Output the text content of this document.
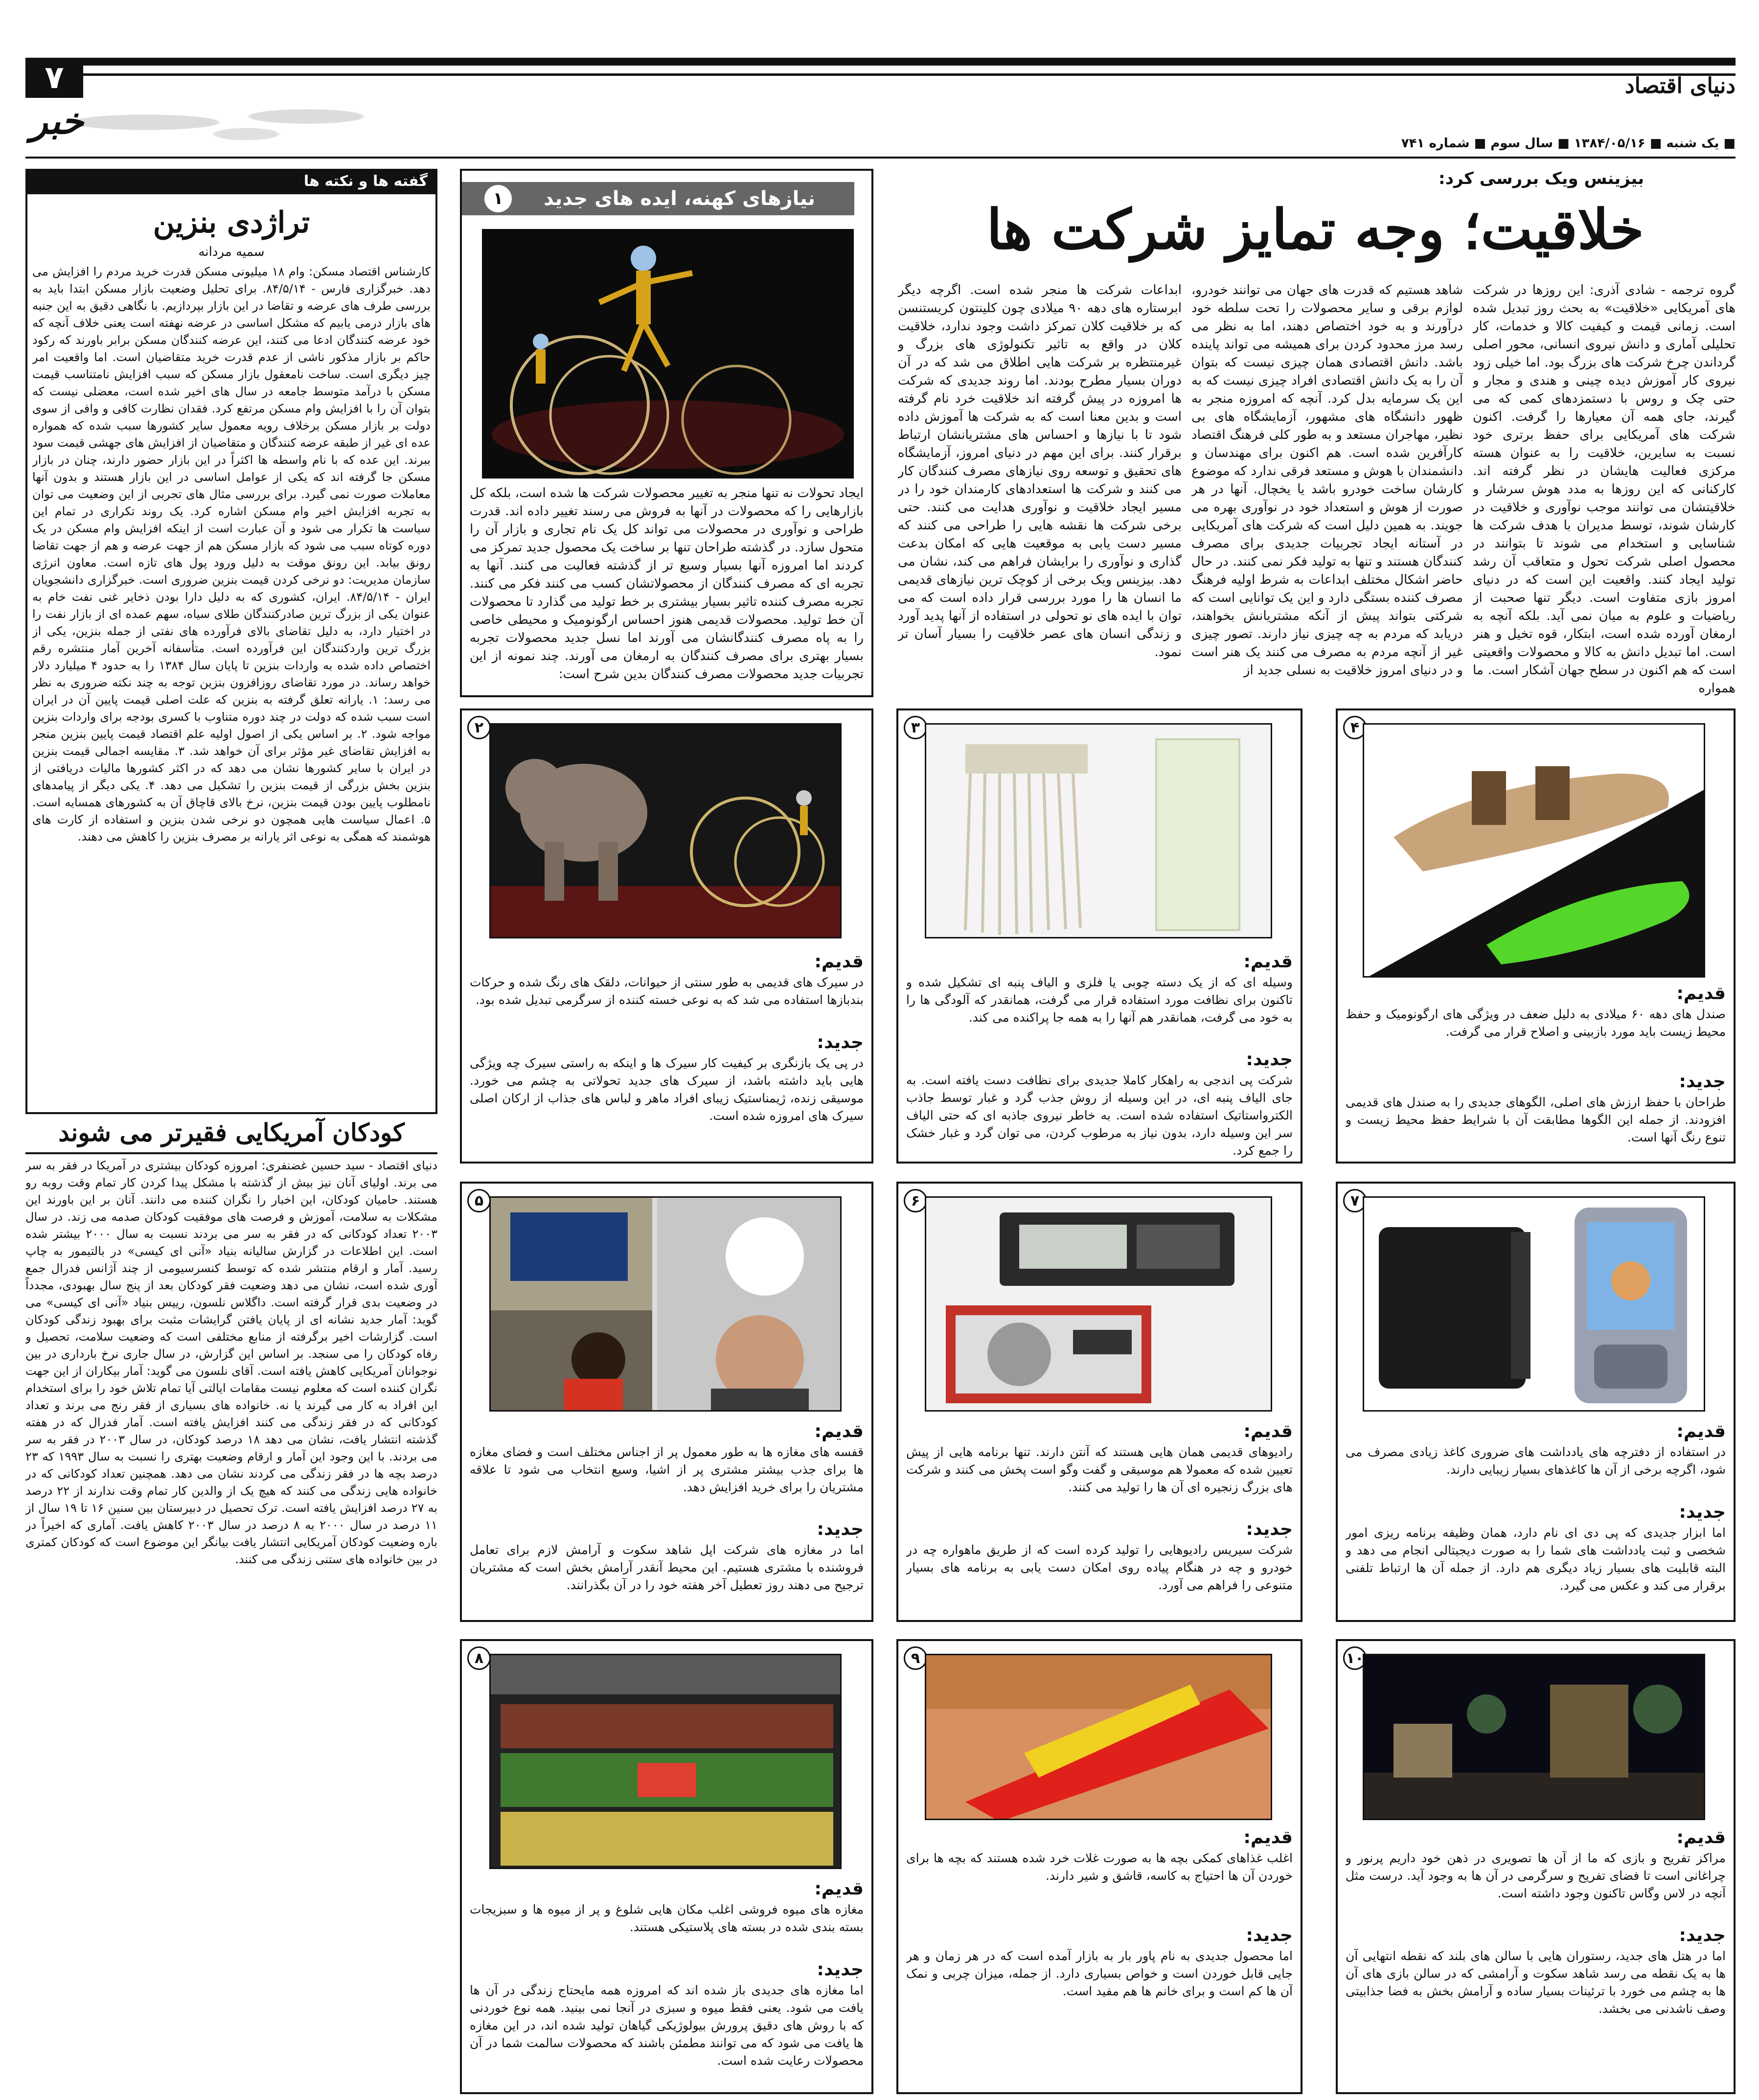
۷	دنیای اقتصاد
خبر
■ یک شنبه ■ ۱۳۸۴/۰۵/۱۶ ■ سال سوم ■ شماره ۷۴۱
گفته ها و نکته ها
تراژدی بنزین
سمیه مردانه
کارشناس اقتصاد مسکن: وام ۱۸ میلیونی مسکن قدرت خرید مردم را افزایش می دهد. خبرگزاری فارس - ۸۴/۵/۱۴. برای تحلیل وضعیت بازار مسکن ابتدا باید به بررسی طرف های عرضه و تقاضا در این بازار بپردازیم. با نگاهی دقیق به این جنبه های بازار درمی یابیم که مشکل اساسی در عرضه نهفته است یعنی خلاف آنچه که خود عرضه کنندگان ادعا می کنند، این عرضه کنندگان مسکن برابر باورند که رکود حاکم بر بازار مذکور ناشی از عدم قدرت خرید متقاضیان است. اما واقعیت امر چیز دیگری است. ساخت نامعقول بازار مسکن که سبب افزایش نامتناسب قیمت مسکن با درآمد متوسط جامعه در سال های اخیر شده است، معضلی نیست که بتوان آن را با افزایش وام مسکن مرتفع کرد. فقدان نظارت کافی و وافی از سوی دولت بر بازار مسکن برخلاف رویه معمول سایر کشورها سبب شده که همواره عده ای غیر از طبقه عرضه کنندگان و متقاضیان از افزایش های جهشی قیمت سود ببرند. این عده که با نام واسطه ها اکثراً در این بازار حضور دارند، چنان در بازار مسکن جا گرفته اند که یکی از عوامل اساسی در این بازار هستند و بدون آنها معاملات صورت نمی گیرد. برای بررسی مثال های تجربی از این وضعیت می توان به تجربه افزایش اخیر وام مسکن اشاره کرد. یک روند تکراری در تمام این سیاست ها تکرار می شود و آن عبارت است از اینکه افزایش وام مسکن در یک دوره کوتاه سبب می شود که بازار مسکن هم از جهت عرضه و هم از جهت تقاضا رونق بیابد. این رونق موقت به دلیل ورود پول های تازه است. معاون انرژی سازمان مدیریت: دو نرخی کردن قیمت بنزین ضروری است. خبرگزاری دانشجویان ایران - ۸۴/۵/۱۴. ایران، کشوری که به دلیل دارا بودن ذخایر غنی نفت خام به عنوان یکی از بزرگ ترین صادرکنندگان طلای سیاه، سهم عمده ای از بازار نفت را در اختیار دارد، به دلیل تقاضای بالای فرآورده های نفتی از جمله بنزین، یکی از بزرگ ترین واردکنندگان این فرآورده است. متأسفانه آخرین آمار منتشره رقم اختصاص داده شده به واردات بنزین تا پایان سال ۱۳۸۴ را به حدود ۴ میلیارد دلار خواهد رساند. در مورد تقاضای روزافزون بنزین توجه به چند نکته ضروری به نظر می رسد: ۱. یارانه تعلق گرفته به بنزین که علت اصلی قیمت پایین آن در ایران است سبب شده که دولت در چند دوره متناوب با کسری بودجه برای واردات بنزین مواجه شود. ۲. بر اساس یکی از اصول اولیه علم اقتصاد قیمت پایین بنزین منجر به افزایش تقاضای غیر مؤثر برای آن خواهد شد. ۳. مقایسه اجمالی قیمت بنزین در ایران با سایر کشورها نشان می دهد که در اکثر کشورها مالیات دریافتی از بنزین بخش بزرگی از قیمت بنزین را تشکیل می دهد. ۴. یکی دیگر از پیامدهای نامطلوب پایین بودن قیمت بنزین، نرخ بالای قاچاق آن به کشورهای همسایه است. ۵. اعمال سیاست هایی همچون دو نرخی شدن بنزین و استفاده از کارت های هوشمند که همگی به نوعی اثر یارانه بر مصرف بنزین را کاهش می دهند.
کودکان آمریکایی فقیرتر می شوند
دنیای اقتصاد - سید حسین غضنفری: امروزه کودکان بیشتری در آمریکا در فقر به سر می برند. اولیای آنان نیز بیش از گذشته با مشکل پیدا کردن کار تمام وقت روبه رو هستند. حامیان کودکان، این اخبار را نگران کننده می دانند. آنان بر این باورند این مشکلات به سلامت، آموزش و فرصت های موفقیت کودکان صدمه می زند. در سال ۲۰۰۳ تعداد کودکانی که در فقر به سر می بردند نسبت به سال ۲۰۰۰ بیشتر شده است. این اطلاعات در گزارش سالیانه بنیاد «آنی ای کیسی» در بالتیمور به چاپ رسید. آمار و ارقام منتشر شده که توسط کنسرسیومی از چند آژانس فدرال جمع آوری شده است، نشان می دهد وضعیت فقر کودکان بعد از پنج سال بهبودی، مجدداً در وضعیت بدی قرار گرفته است. داگلاس نلسون، رییس بنیاد «آنی ای کیسی» می گوید: آمار جدید نشانه ای از پایان یافتن گرایشات مثبت برای بهبود زندگی کودکان است. گزارشات اخیر برگرفته از منابع مختلفی است که وضعیت سلامت، تحصیل و رفاه کودکان را می سنجد. بر اساس این گزارش، در سال جاری نرخ بارداری در بین نوجوانان آمریکایی کاهش یافته است. آقای نلسون می گوید: آمار بیکاران از این جهت نگران کننده است که معلوم نیست مقامات ایالتی آیا تمام تلاش خود را برای استخدام این افراد به کار می گیرند یا نه. خانواده های بسیاری از فقر رنج می برند و تعداد کودکانی که در فقر زندگی می کنند افزایش یافته است. آمار فدرال که در هفته گذشته انتشار یافت، نشان می دهد ۱۸ درصد کودکان، در سال ۲۰۰۳ در فقر به سر می بردند. با این وجود این آمار و ارقام وضعیت بهتری را نسبت به سال ۱۹۹۳ که ۲۳ درصد بچه ها در فقر زندگی می کردند نشان می دهد. همچنین تعداد کودکانی که در خانواده هایی زندگی می کنند که هیچ یک از والدین کار تمام وقت ندارند از ۲۲ درصد به ۲۷ درصد افزایش یافته است. ترک تحصیل در دبیرستان بین سنین ۱۶ تا ۱۹ سال از ۱۱ درصد در سال ۲۰۰۰ به ۸ درصد در سال ۲۰۰۳ کاهش یافت. آماری که اخیراً در باره وضعیت کودکان آمریکایی انتشار یافت بیانگر این موضوع است که کودکان کمتری در بین خانواده های ستنی زندگی می کنند.
بیزینس ویک بررسی کرد:
خلاقیت؛ وجه تمایز شرکت ها
گروه ترجمه - شادی آذری: این روزها در شرکت های آمریکایی «خلاقیت» به بحث روز تبدیل شده است. زمانی قیمت و کیفیت کالا و خدمات، کار تحلیلی آماری و دانش نیروی انسانی، محور اصلی گرداندن چرخ شرکت های بزرگ بود. اما خیلی زود نیروی کار آموزش دیده چینی و هندی و مجار و حتی چک و روس با دستمزدهای کمی که می گیرند، جای همه آن معیارها را گرفت. اکنون شرکت های آمریکایی برای حفظ برتری خود نسبت به سایرین، خلاقیت را به عنوان هسته مرکزی فعالیت هایشان در نظر گرفته اند. کارکنانی که این روزها به مدد هوش سرشار و خلاقیتشان می توانند موجب نوآوری و خلاقیت در کارشان شوند، توسط مدیران با هدف شرکت ها شناسایی و استخدام می شوند تا بتوانند در محصول اصلی شرکت تحول و متعاقب آن رشد تولید ایجاد کنند. واقعیت این است که در دنیای امروز بازی متفاوت است. دیگر تنها صحبت از ریاضیات و علوم به میان نمی آید. بلکه آنچه به ارمغان آورده شده است، ابتکار، قوه تخیل و هنر است. اما تبدیل دانش به کالا و محصولات واقعیتی است که هم اکنون در سطح جهان آشکار است. ما همواره
شاهد هستیم که قدرت های جهان می توانند خودرو، لوازم برقی و سایر محصولات را تحت سلطه خود درآورند و به خود اختصاص دهند، اما به نظر می رسد مرز محدود کردن برای همیشه می تواند پاینده باشد. دانش اقتصادی همان چیزی نیست که بتوان آن را به یک دانش اقتصادی افراد چیزی نیست که به این یک سرمایه بدل کرد. آنچه که امروزه منجر به ظهور دانشگاه های مشهور، آزمایشگاه های بی نظیر، مهاجران مستعد و به طور کلی فرهنگ اقتصاد کارآفرین شده است. هم اکنون برای مهندسان و دانشمندان با هوش و مستعد فرقی ندارد که موضوع کارشان ساخت خودرو باشد یا یخچال. آنها در هر صورت از هوش و استعداد خود در نوآوری بهره می جویند. به همین دلیل است که شرکت های آمریکایی در آستانه ایجاد تجربیات جدیدی برای مصرف کنندگان هستند و تنها به تولید فکر نمی کنند. در حال حاضر اشکال مختلف ابداعات به شرط اولیه فرهنگ مصرف کننده بستگی دارد و این یک توانایی است که شرکتی بتواند پیش از آنکه مشتریانش بخواهند، دریابد که مردم به چه چیزی نیاز دارند. تصور چیزی غیر از آنچه مردم به مصرف می کنند یک هنر است و در دنیای امروز خلاقیت به نسلی جدید از
ابداعات شرکت ها منجر شده است. اگرچه دیگر ابرستاره های دهه ۹۰ میلادی چون کلینتون کریستنسن که بر خلاقیت کلان تمرکز داشت وجود ندارد، خلاقیت کلان در واقع به تاثیر تکنولوژی های بزرگ و غیرمنتظره بر شرکت هایی اطلاق می شد که در آن دوران بسیار مطرح بودند. اما روند جدیدی که شرکت ها امروزه در پیش گرفته اند خلاقیت خرد نام گرفته است و بدین معنا است که به شرکت ها آموزش داده شود تا با نیازها و احساس های مشتریانشان ارتباط برقرار کنند. برای این مهم در دنیای امروز، آزمایشگاه های تحقیق و توسعه روی نیازهای مصرف کنندگان کار می کنند و شرکت ها استعدادهای کارمندان خود را در مسیر ایجاد خلاقیت و نوآوری هدایت می کنند. حتی برخی شرکت ها نقشه هایی را طراحی می کنند که مسیر دست یابی به موقعیت هایی که امکان بدعت گذاری و نوآوری را برایشان فراهم می کند، نشان می دهد. بیزینس ویک برخی از کوچک ترین نیازهای قدیمی ما انسان ها را مورد بررسی قرار داده است که می توان با ایده های نو تحولی در استفاده از آنها پدید آورد و زندگی انسان های عصر خلاقیت را بسیار آسان تر نمود.
نیازهای کهنه، ایده های جدید
۱
ایجاد تحولات نه تنها منجر به تغییر محصولات شرکت ها شده است، بلکه کل بازارهایی را که محصولات در آنها به فروش می رسند تغییر داده اند. قدرت طراحی و نوآوری در محصولات می تواند کل یک نام تجاری و بازار آن را متحول سازد. در گذشته طراحان تنها بر ساخت یک محصول جدید تمرکز می کردند اما امروزه آنها بسیار وسیع تر از گذشته فعالیت می کنند. آنها به تجربه ای که مصرف کنندگان از محصولاتشان کسب می کنند فکر می کنند. تجربه مصرف کننده تاثیر بسیار بیشتری بر خط تولید می گذارد تا محصولات آن خط تولید. محصولات قدیمی هنوز احساس ارگونومیک و محیطی خاصی را به پاه مصرف کنندگانشان می آورند اما نسل جدید محصولات تجربه بسیار بهتری برای مصرف کنندگان به ارمغان می آورند. چند نمونه از این تجربیات جدید محصولات مصرف کنندگان بدین شرح است:
۲
قدیم:
در سیرک های قدیمی به طور سنتی از حیوانات، دلقک های رنگ شده و حرکات بندبازها استفاده می شد که به نوعی خسته کننده از سرگرمی تبدیل شده بود.
جدید:
در پی یک بازنگری بر کیفیت کار سیرک ها و اینکه به راستی سیرک چه ویژگی هایی باید داشته باشد، از سیرک های جدید تحولاتی به چشم می خورد. موسیقی زنده، ژیمناستیک زیبای افراد ماهر و لباس های جذاب از ارکان اصلی سیرک های امروزه شده است.
۳
قدیم:
وسیله ای که از یک دسته چوبی یا فلزی و الیاف پنبه ای تشکیل شده و تاکنون برای نظافت مورد استفاده قرار می گرفت، همانقدر که آلودگی ها را به خود می گرفت، همانقدر هم آنها را به همه جا پراکنده می کند.
جدید:
شرکت پی اندجی به راهکار کاملا جدیدی برای نظافت دست یافته است. به جای الیاف پنبه ای، در این وسیله از روش جذب گرد و غبار توسط جاذب الکترواستاتیک استفاده شده است. به خاطر نیروی جاذبه ای که حتی الیاف سر این وسیله دارد، بدون نیاز به مرطوب کردن، می توان گرد و غبار خشک را جمع کرد.
۴
قدیم:
صندل های دهه ۶۰ میلادی به دلیل ضعف در ویژگی های ارگونومیک و حفظ محیط زیست باید مورد بازبینی و اصلاح قرار می گرفت.
جدید:
طراحان با حفظ ارزش های اصلی، الگوهای جدیدی را به صندل های قدیمی افزودند. از جمله این الگوها مطابقت آن با شرایط حفظ محیط زیست و تنوع رنگ آنها است.
۵
قدیم:
قفسه های مغازه ها به طور معمول پر از اجناس مختلف است و فضای مغازه ها برای جذب بیشتر مشتری پر از اشیا، وسیع انتخاب می شود تا علاقه مشتریان را برای خرید افزایش دهد.
جدید:
اما در مغازه های شرکت اپل شاهد سکوت و آرامش لازم برای تعامل فروشنده با مشتری هستیم. این محیط آنقدر آرامش بخش است که مشتریان ترجیح می دهند روز تعطیل آخر هفته خود را در آن بگذرانند.
۶
قدیم:
رادیوهای قدیمی همان هایی هستند که آنتن دارند. تنها برنامه هایی از پیش تعیین شده که معمولا هم موسیقی و گفت وگو است پخش می کنند و شرکت های بزرگ زنجیره ای آن ها را تولید می کنند.
جدید:
شرکت سیریس رادیوهایی را تولید کرده است که از طریق ماهواره چه در خودرو و چه در هنگام پیاده روی امکان دست یابی به برنامه های بسیار متنوعی را فراهم می آورد.
۷
قدیم:
در استفاده از دفترچه های یادداشت های ضروری کاغذ زیادی مصرف می شود، اگرچه برخی از آن ها کاغذهای بسیار زیبایی دارند.
جدید:
اما ابزار جدیدی که پی دی ای نام دارد، همان وظیفه برنامه ریزی امور شخصی و ثبت یادداشت های شما را به صورت دیجیتالی انجام می دهد و البته قابلیت های بسیار زیاد دیگری هم دارد. از جمله آن ها ارتباط تلفنی برقرار می کند و عکس می گیرد.
۸
قدیم:
مغازه های میوه فروشی اغلب مکان هایی شلوغ و پر از میوه ها و سبزیجات بسته بندی شده در بسته های پلاستیکی هستند.
جدید:
اما مغازه های جدیدی باز شده اند که امروزه همه مایحتاج زندگی در آن ها یافت می شود. یعنی فقط میوه و سبزی در آنجا نمی بینید. همه نوع خوردنی که با روش های دقیق پرورش بیولوژیکی گیاهان تولید شده اند، در این مغازه ها یافت می شود که می توانند مطمئن باشند که محصولات سالمت شما در آن محصولات رعایت شده است.
۹
قدیم:
اغلب غذاهای کمکی بچه ها به صورت غلات خرد شده هستند که بچه ها برای خوردن آن ها احتیاج به کاسه، قاشق و شیر دارند.
جدید:
اما محصول جدیدی به نام پاور بار به بازار آمده است که در هر زمان و هر جایی قابل خوردن است و خواص بسیاری دارد. از جمله، میزان چربی و نمک آن ها کم است و برای خانم ها هم مفید است.
۱۰
قدیم:
مراکز تفریح و بازی که ما از آن ها تصویری در ذهن خود داریم پرنور و چراغانی است تا فضای تفریح و سرگرمی در آن ها به وجود آید. درست مثل آنچه در لاس وگاس تاکنون وجود داشته است.
جدید:
اما در هتل های جدید، رستوران هایی با سالن های بلند که نقطه انتهایی آن ها به یک نقطه می رسد شاهد سکوت و آرامشی که در سالن بازی های آن ها به چشم می خورد با ترئینات بسیار ساده و آرامش بخش به فضا جذابیتی وصف ناشدنی می بخشد.
